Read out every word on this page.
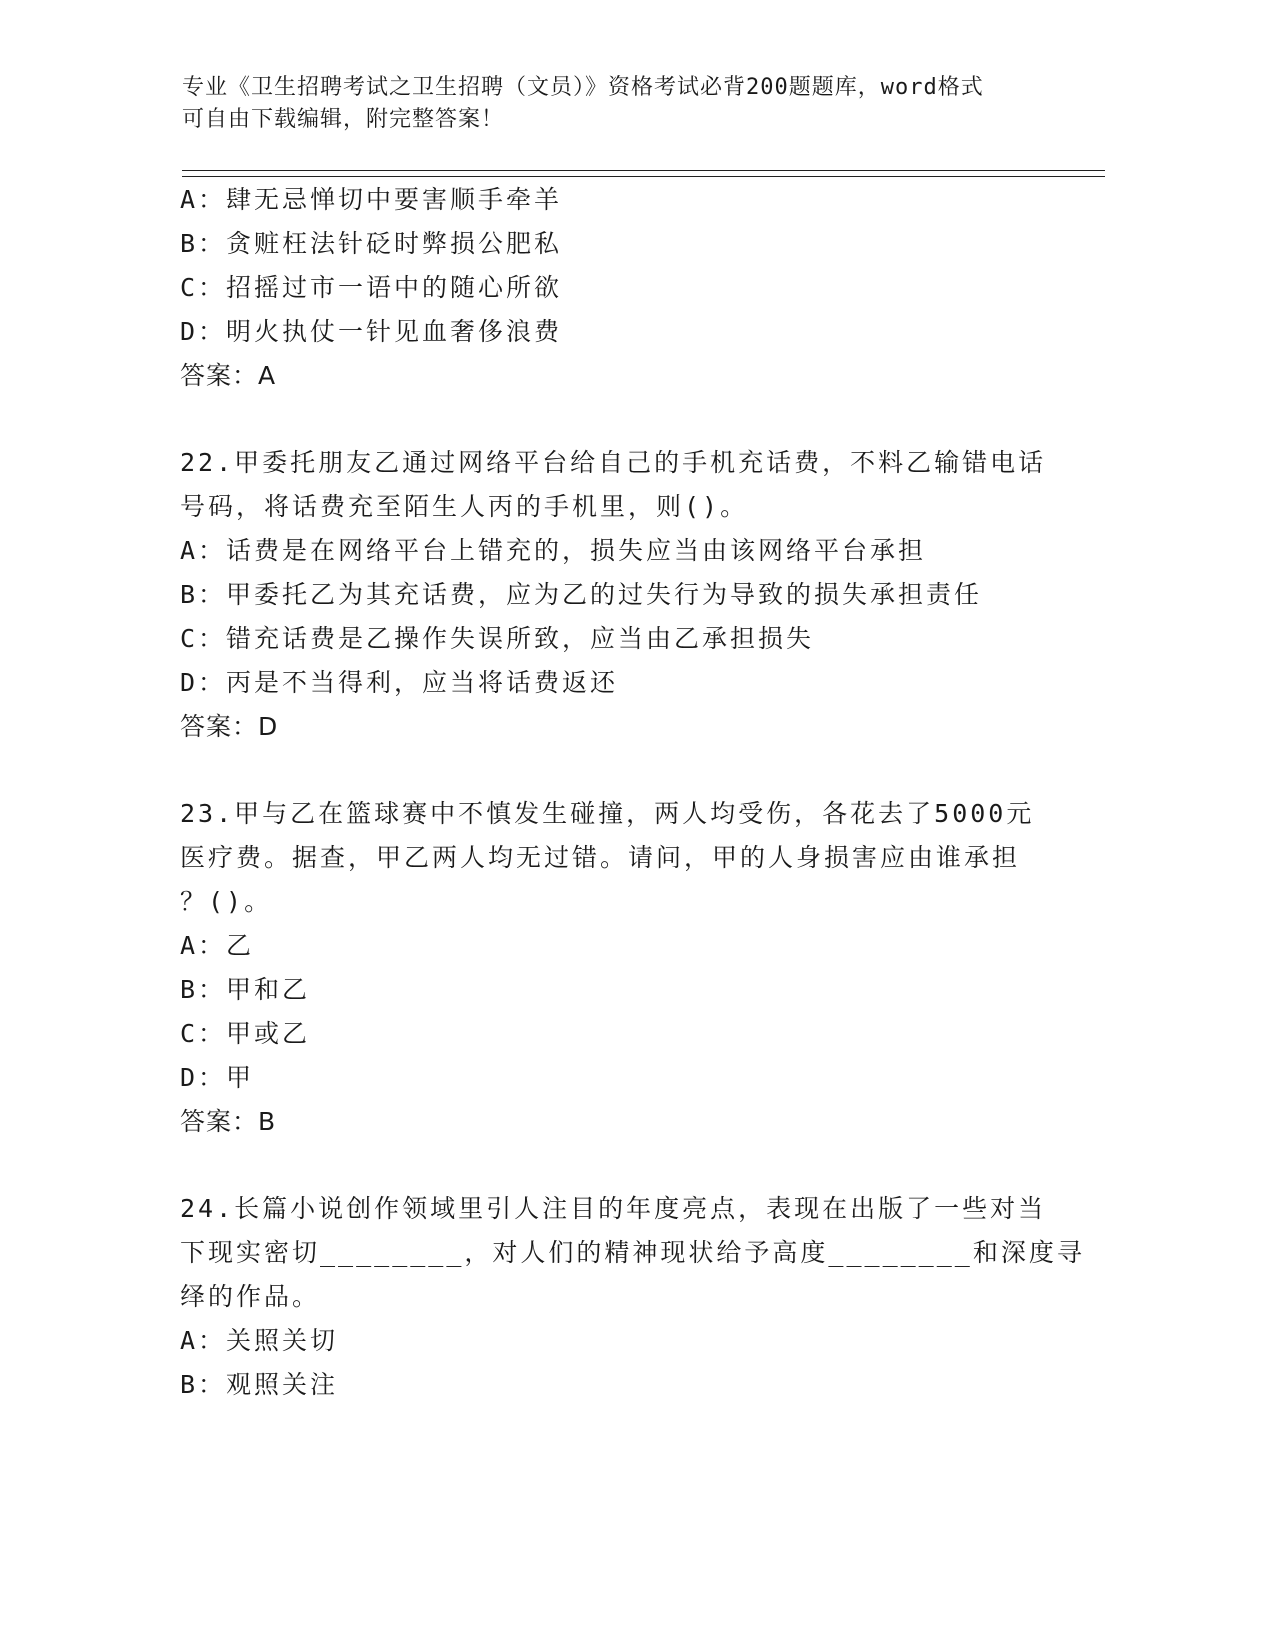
专业《卫生招聘考试之卫生招聘（文员）》资格考试必背200题题库，word格式
可自由下载编辑，附完整答案！
A：肆无忌惮切中要害顺手牵羊
B：贪赃枉法针砭时弊损公肥私
C：招摇过市一语中的随心所欲
D：明火执仗一针见血奢侈浪费
答案：A
22.甲委托朋友乙通过网络平台给自己的手机充话费，不料乙输错电话
号码，将话费充至陌生人丙的手机里，则()。
A：话费是在网络平台上错充的，损失应当由该网络平台承担
B：甲委托乙为其充话费，应为乙的过失行为导致的损失承担责任
C：错充话费是乙操作失误所致，应当由乙承担损失
D：丙是不当得利，应当将话费返还
答案：D
23.甲与乙在篮球赛中不慎发生碰撞，两人均受伤，各花去了5000元
医疗费。据查，甲乙两人均无过错。请问，甲的人身损害应由谁承担
？()。
A：乙
B：甲和乙
C：甲或乙
D：甲
答案：B
24.长篇小说创作领域里引人注目的年度亮点，表现在出版了一些对当
下现实密切________，对人们的精神现状给予高度________和深度寻
绎的作品。
A：关照关切
B：观照关注
